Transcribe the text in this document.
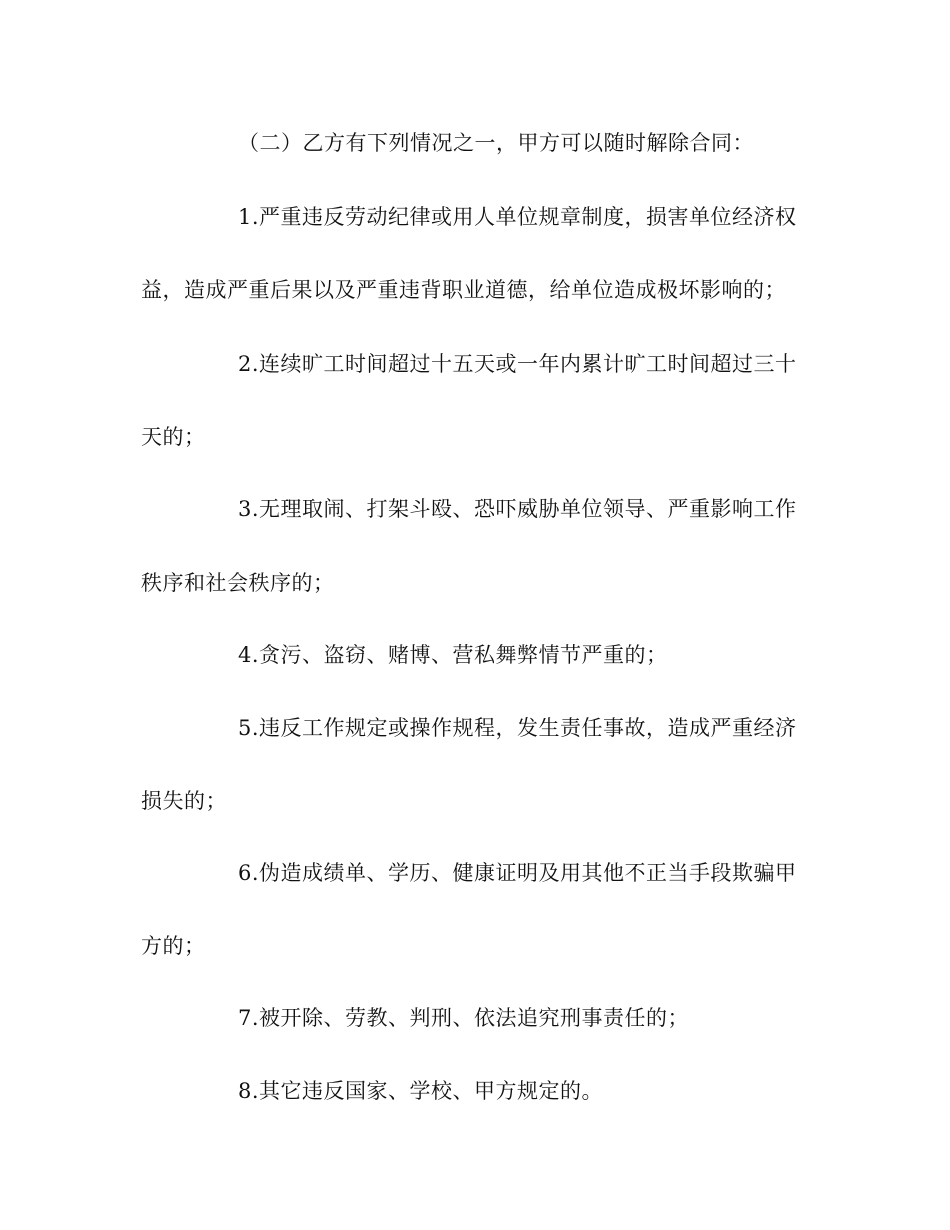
（二）乙方有下列情况之一，甲方可以随时解除合同：
1.严重违反劳动纪律或用人单位规章制度，损害单位经济权
益，造成严重后果以及严重违背职业道德，给单位造成极坏影响的；
2.连续旷工时间超过十五天或一年内累计旷工时间超过三十
天的；
3.无理取闹、打架斗殴、恐吓威胁单位领导、严重影响工作
秩序和社会秩序的；
4.贪污、盗窃、赌博、营私舞弊情节严重的；
5.违反工作规定或操作规程，发生责任事故，造成严重经济
损失的；
6.伪造成绩单、学历、健康证明及用其他不正当手段欺骗甲
方的；
7.被开除、劳教、判刑、依法追究刑事责任的；
8.其它违反国家、学校、甲方规定的。
